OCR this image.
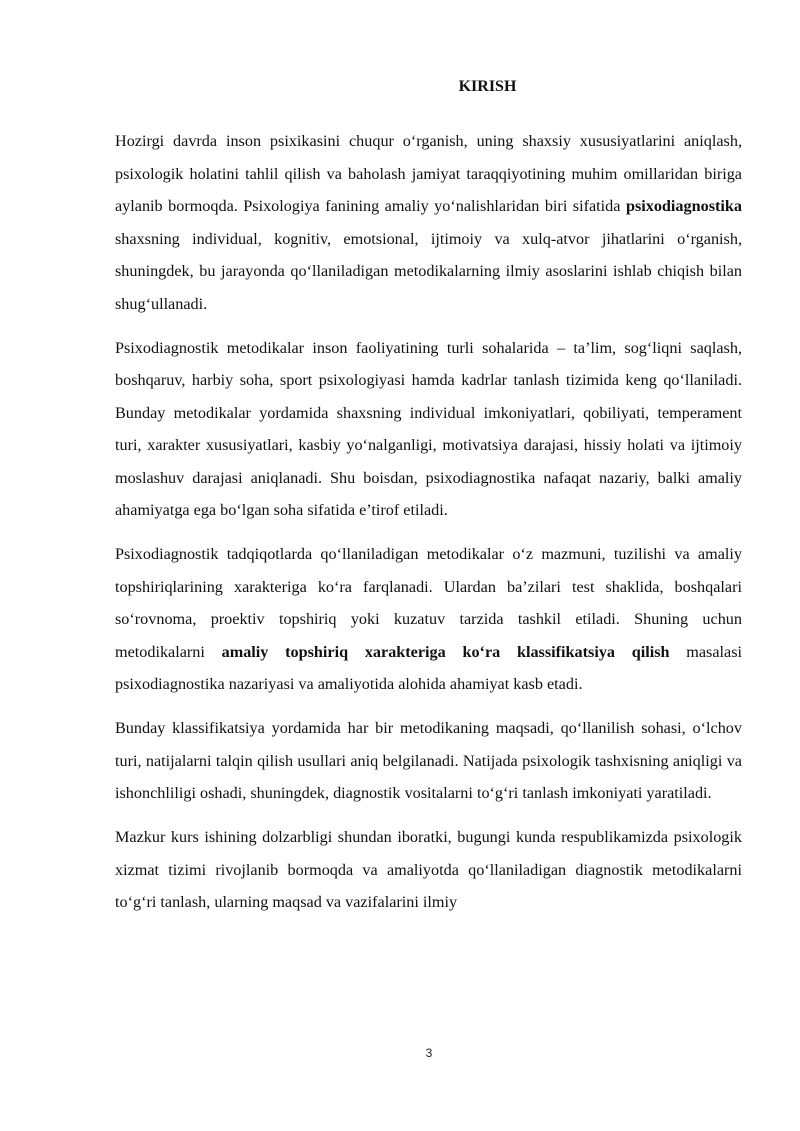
KIRISH

Hozirgi davrda inson psixikasini chuqur o‘rganish, uning shaxsiy xususiyatlarini aniqlash, psixologik holatini tahlil qilish va baholash jamiyat taraqqiyotining muhim omillaridan biriga aylanib bormoqda. Psixologiya fanining amaliy yo‘nalishlaridan biri sifatida psixodiagnostika shaxsning individual, kognitiv, emotsional, ijtimoiy va xulq-atvor jihatlarini o‘rganish, shuningdek, bu jarayonda qo‘llaniladigan metodikalarning ilmiy asoslarini ishlab chiqish bilan shug‘ullanadi.

Psixodiagnostik metodikalar inson faoliyatining turli sohalarida – ta’lim, sog‘liqni saqlash, boshqaruv, harbiy soha, sport psixologiyasi hamda kadrlar tanlash tizimida keng qo‘llaniladi. Bunday metodikalar yordamida shaxsning individual imkoniyatlari, qobiliyati, temperament turi, xarakter xususiyatlari, kasbiy yo‘nalganligi, motivatsiya darajasi, hissiy holati va ijtimoiy moslashuv darajasi aniqlanadi. Shu boisdan, psixodiagnostika nafaqat nazariy, balki amaliy ahamiyatga ega bo‘lgan soha sifatida e’tirof etiladi.

Psixodiagnostik tadqiqotlarda qo‘llaniladigan metodikalar o‘z mazmuni, tuzilishi va amaliy topshiriqlarining xarakteriga ko‘ra farqlanadi. Ulardan ba’zilari test shaklida, boshqalari so‘rovnoma, proektiv topshiriq yoki kuzatuv tarzida tashkil etiladi. Shuning uchun metodikalarni amaliy topshiriq xarakteriga ko‘ra klassifikatsiya qilish masalasi psixodiagnostika nazariyasi va amaliyotida alohida ahamiyat kasb etadi.

Bunday klassifikatsiya yordamida har bir metodikaning maqsadi, qo‘llanilish sohasi, o‘lchov turi, natijalarni talqin qilish usullari aniq belgilanadi. Natijada psixologik tashxisning aniqligi va ishonchliligi oshadi, shuningdek, diagnostik vositalarni to‘g‘ri tanlash imkoniyati yaratiladi.

Mazkur kurs ishining dolzarbligi shundan iboratki, bugungi kunda respublikamizda psixologik xizmat tizimi rivojlanib bormoqda va amaliyotda qo‘llaniladigan diagnostik metodikalarni to‘g‘ri tanlash, ularning maqsad va vazifalarini ilmiy

3
